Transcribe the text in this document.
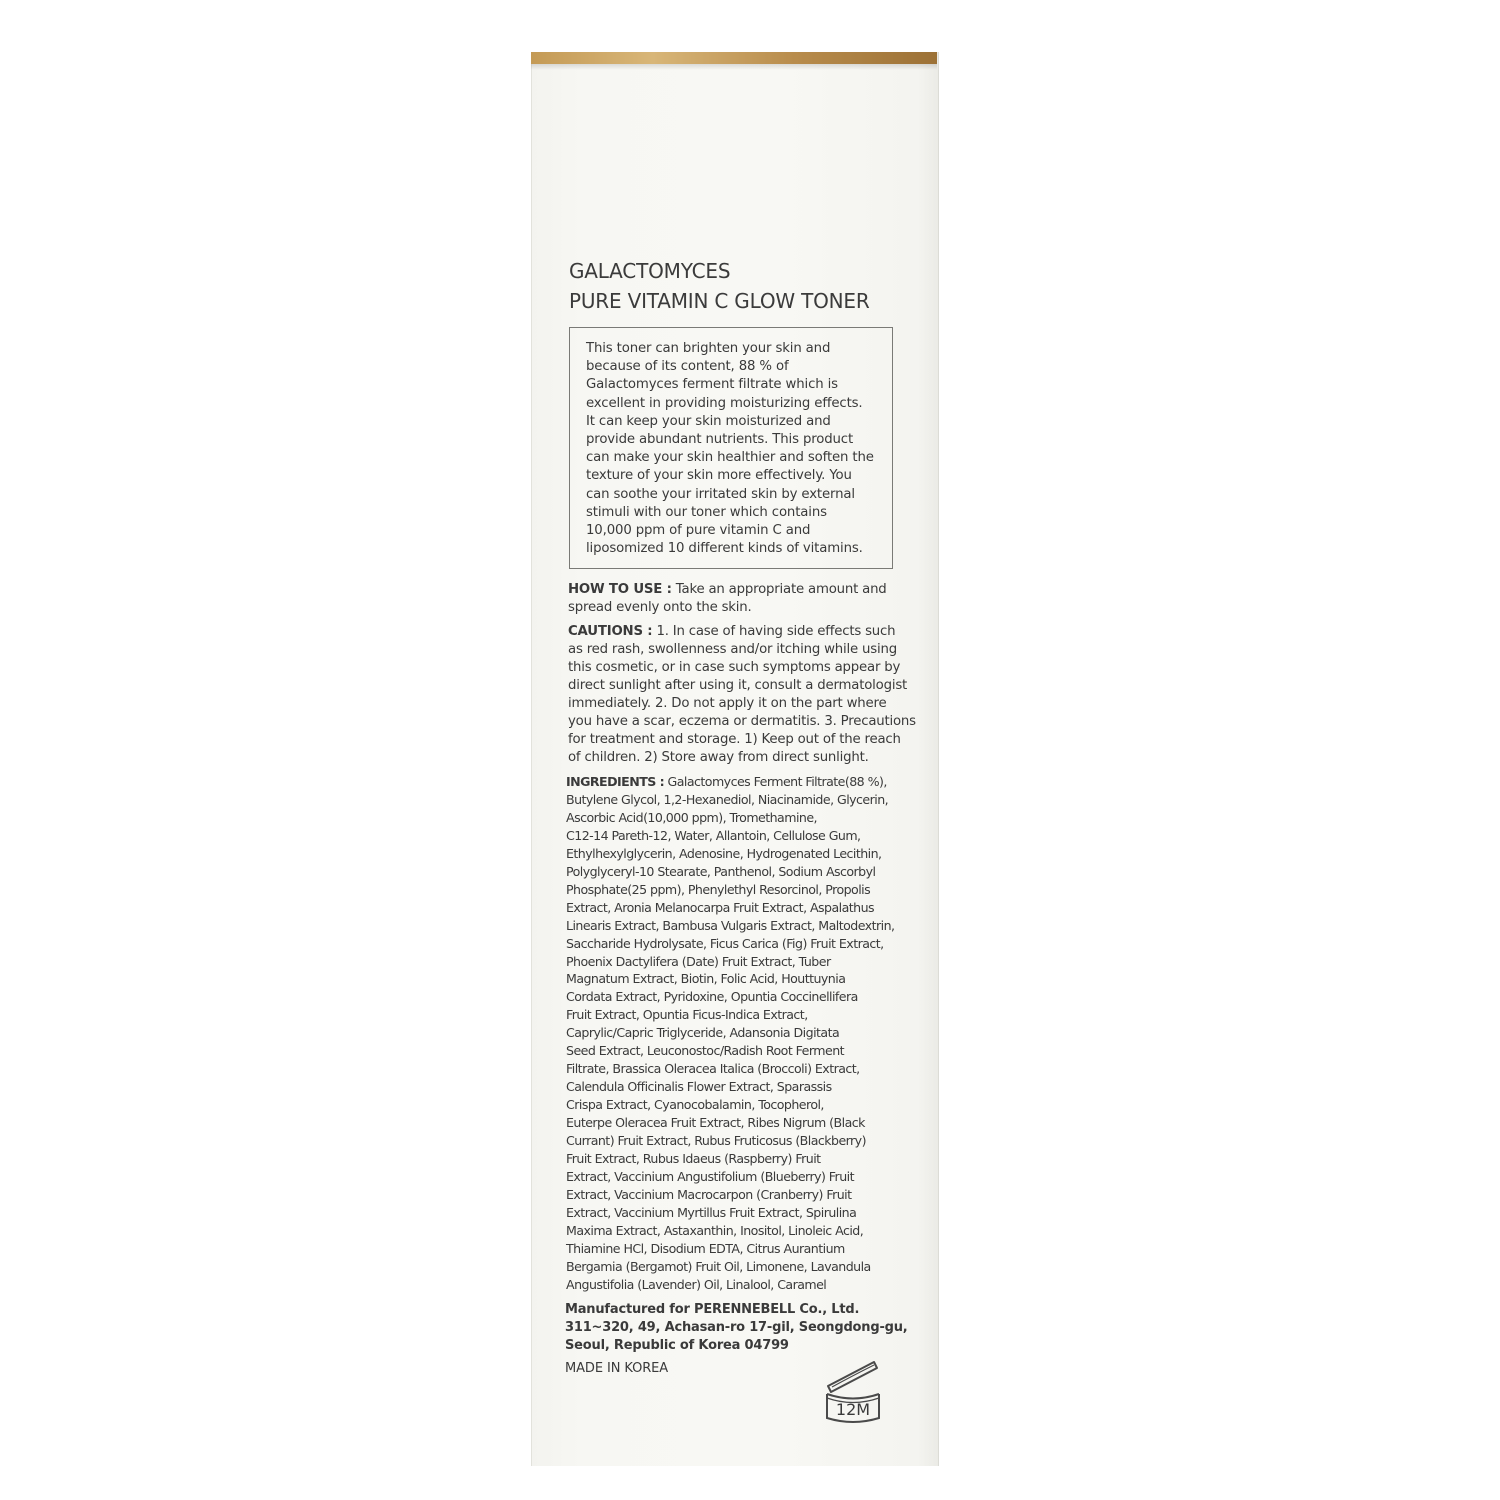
GALACTOMYCES
PURE VITAMIN C GLOW TONER
This toner can brighten your skin and
because of its content, 88 % of
Galactomyces ferment filtrate which is
excellent in providing moisturizing effects.
It can keep your skin moisturized and
provide abundant nutrients. This product
can make your skin healthier and soften the
texture of your skin more effectively. You
can soothe your irritated skin by external
stimuli with our toner which contains
10,000 ppm of pure vitamin C and
liposomized 10 different kinds of vitamins.
HOW TO USE : Take an appropriate amount and
spread evenly onto the skin.
CAUTIONS : 1. In case of having side effects such
as red rash, swollenness and/or itching while using
this cosmetic, or in case such symptoms appear by
direct sunlight after using it, consult a dermatologist
immediately. 2. Do not apply it on the part where
you have a scar, eczema or dermatitis. 3. Precautions
for treatment and storage. 1) Keep out of the reach
of children. 2) Store away from direct sunlight.
INGREDIENTS : Galactomyces Ferment Filtrate(88 %),
Butylene Glycol, 1,2-Hexanediol, Niacinamide, Glycerin,
Ascorbic Acid(10,000 ppm), Tromethamine,
C12-14 Pareth-12, Water, Allantoin, Cellulose Gum,
Ethylhexylglycerin, Adenosine, Hydrogenated Lecithin,
Polyglyceryl-10 Stearate, Panthenol, Sodium Ascorbyl
Phosphate(25 ppm), Phenylethyl Resorcinol, Propolis
Extract, Aronia Melanocarpa Fruit Extract, Aspalathus
Linearis Extract, Bambusa Vulgaris Extract, Maltodextrin,
Saccharide Hydrolysate, Ficus Carica (Fig) Fruit Extract,
Phoenix Dactylifera (Date) Fruit Extract, Tuber
Magnatum Extract, Biotin, Folic Acid, Houttuynia
Cordata Extract, Pyridoxine, Opuntia Coccinellifera
Fruit Extract, Opuntia Ficus-Indica Extract,
Caprylic/Capric Triglyceride, Adansonia Digitata
Seed Extract, Leuconostoc/Radish Root Ferment
Filtrate, Brassica Oleracea Italica (Broccoli) Extract,
Calendula Officinalis Flower Extract, Sparassis
Crispa Extract, Cyanocobalamin, Tocopherol,
Euterpe Oleracea Fruit Extract, Ribes Nigrum (Black
Currant) Fruit Extract, Rubus Fruticosus (Blackberry)
Fruit Extract, Rubus Idaeus (Raspberry) Fruit
Extract, Vaccinium Angustifolium (Blueberry) Fruit
Extract, Vaccinium Macrocarpon (Cranberry) Fruit
Extract, Vaccinium Myrtillus Fruit Extract, Spirulina
Maxima Extract, Astaxanthin, Inositol, Linoleic Acid,
Thiamine HCl, Disodium EDTA, Citrus Aurantium
Bergamia (Bergamot) Fruit Oil, Limonene, Lavandula
Angustifolia (Lavender) Oil, Linalool, Caramel
Manufactured for PERENNEBELL Co., Ltd.
311~320, 49, Achasan-ro 17-gil, Seongdong-gu,
Seoul, Republic of Korea 04799
MADE IN KOREA
12M
